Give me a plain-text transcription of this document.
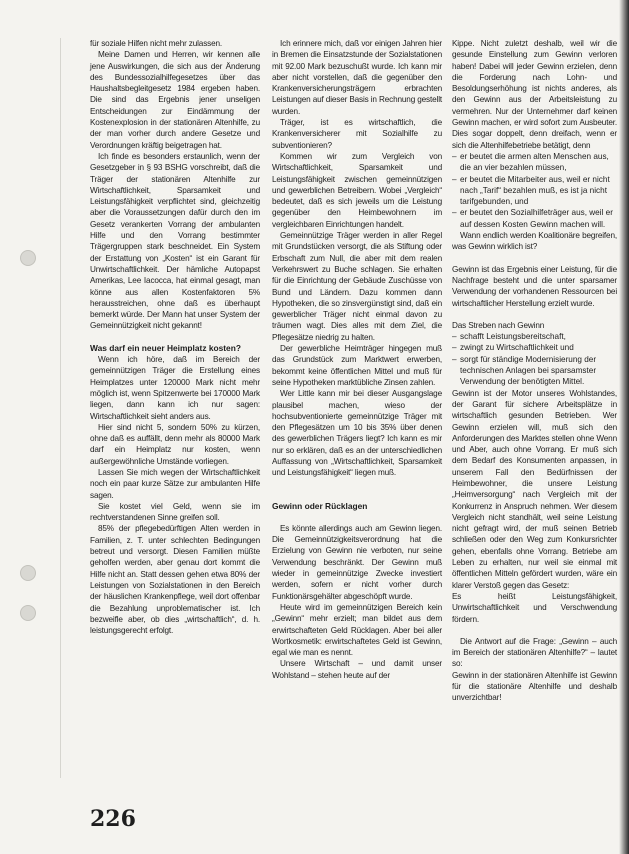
für soziale Hilfen nicht mehr zulassen.

Meine Damen und Herren, wir kennen alle jene Auswirkungen, die sich aus der Änderung des Bundessozialhilfegesetzes über das Haushaltsbegleitgesetz 1984 ergeben haben. Die sind das Ergebnis jener unseligen Entscheidungen zur Eindämmung der Kostenexplosion in der stationären Altenhilfe, zu der man vorher durch andere Gesetze und Verordnungen kräftig beigetragen hat.

Ich finde es besonders erstaunlich, wenn der Gesetzgeber in § 93 BSHG vorschreibt, daß die Träger der stationären Altenhilfe zur Wirtschaftlichkeit, Sparsamkeit und Leistungsfähigkeit verpflichtet sind, gleichzeitig aber die Voraussetzungen dafür durch den im Gesetz verankerten Vorrang der ambulanten Hilfe und den Vorrang bestimmter Trägergruppen stark beschneidet. Ein System der Erstattung von „Kosten“ ist ein Garant für Unwirtschaftlichkeit. Der hämliche Autopapst Amerikas, Lee Iacocca, hat einmal gesagt, man könne aus allen Kostenfaktoren 5% herausstreichen, ohne daß es überhaupt bemerkt würde. Der Mann hat unser System der Gemeinnützigkeit nicht gekannt!

Was darf ein neuer Heimplatz kosten?

Wenn ich höre, daß im Bereich der gemeinnützigen Träger die Erstellung eines Heimplatzes unter 120000 Mark nicht mehr möglich ist, wenn Spitzenwerte bei 170000 Mark liegen, dann kann ich nur sagen: Wirtschaftlichkeit sieht anders aus.

Hier sind nicht 5, sondern 50% zu kürzen, ohne daß es auffällt, denn mehr als 80000 Mark darf ein Heimplatz nur kosten, wenn außergewöhnliche Umstände vorliegen.

Lassen Sie mich wegen der Wirtschaftlichkeit noch ein paar kurze Sätze zur ambulanten Hilfe sagen.

Sie kostet viel Geld, wenn sie im rechtverstandenen Sinne greifen soll.

85% der pflegebedürftigen Alten werden in Familien, z. T. unter schlechten Bedingungen betreut und versorgt. Diesen Familien müßte geholfen werden, aber genau dort kommt die Hilfe nicht an. Statt dessen gehen etwa 80% der Leistungen von Sozialstationen in den Bereich der häuslichen Krankenpflege, weil dort offenbar die Bezahlung unproblematischer ist. Ich bezweifle aber, ob dies „wirtschaftlich“, d. h. leistungsgerecht erfolgt.

Ich erinnere mich, daß vor einigen Jahren hier in Bremen die Einsatzstunde der Sozialstationen mit 92.00 Mark bezuschußt wurde. Ich kann mir aber nicht vorstellen, daß die gegenüber den Krankenversicherungsträgern erbrachten Leistungen auf dieser Basis in Rechnung gestellt wurden.

Träger, ist es wirtschaftlich, die Krankenversicherer mit Sozialhilfe zu subventionieren?

Kommen wir zum Vergleich von Wirtschaftlichkeit, Sparsamkeit und Leistungsfähigkeit zwischen gemeinnützigen und gewerblichen Betreibern. Wobei „Vergleich“ bedeutet, daß es sich jeweils um die Leistung gegenüber den Heimbewohnern im vergleichbaren Einrichtungen handelt.

Gemeinnützige Träger werden in aller Regel mit Grundstücken versorgt, die als Stiftung oder Erbschaft zum Null, die aber mit dem realen Verkehrswert zu Buche schlagen. Sie erhalten für die Einrichtung der Gebäude Zuschüsse von Bund und Ländern. Dazu kommen dann Hypotheken, die so zinsvergünstigt sind, daß ein gewerblicher Träger nicht einmal davon zu träumen wagt. Dies alles mit dem Ziel, die Pflegesätze niedrig zu halten.

Der gewerbliche Heimträger hingegen muß das Grundstück zum Marktwert erwerben, bekommt keine öffentlichen Mittel und muß für seine Hypotheken marktübliche Zinsen zahlen.

Wer Little kann mir bei dieser Ausgangslage plausibel machen, wieso der hochsubventionierte gemeinnützige Träger mit den Pflegesätzen um 10 bis 35% über denen des gewerblichen Trägers liegt? Ich kann es mir nur so erklären, daß es an der unterschiedlichen Auffassung von „Wirtschaftlichkeit, Sparsamkeit und Leistungsfähigkeit“ liegen muß.

Gewinn oder Rücklagen

Es könnte allerdings auch am Gewinn liegen. Die Gemeinnützigkeitsverordnung hat die Erzielung von Gewinn nie verboten, nur seine Verwendung beschränkt. Der Gewinn muß wieder in gemeinnützige Zwecke investiert werden, sofern er nicht vorher durch Funktionärsgehälter abgeschöpft wurde.

Heute wird im gemeinnützigen Bereich kein „Gewinn“ mehr erzielt; man bildet aus dem erwirtschafteten Geld Rücklagen. Aber bei aller Wortkosmetik: erwirtschaftetes Geld ist Gewinn, egal wie man es nennt.

Unsere Wirtschaft – und damit unser Wohlstand – stehen heute auf der

Kippe. Nicht zuletzt deshalb, weil wir die gesunde Einstellung zum Gewinn verloren haben! Dabei will jeder Gewinn erzielen, denn die Forderung nach Lohn- und Besoldungserhöhung ist nichts anderes, als den Gewinn aus der Arbeitsleistung zu vermehren. Nur der Unternehmer darf keinen Gewinn machen, er wird sofort zum Ausbeuter. Dies sogar doppelt, denn dreifach, wenn er sich die Altenhilfebetriebe betätigt, denn

– er beutet die armen alten Menschen aus, die an vier bezahlen müssen,
– er beutet die Mitarbeiter aus, weil er nicht nach „Tarif“ bezahlen muß, es ist ja nicht tarifgebunden, und
– er beutet den Sozialhilfeträger aus, weil er auf dessen Kosten Gewinn machen will.

Wann endlich werden Koalitionäre begreifen, was Gewinn wirklich ist?

Gewinn ist das Ergebnis einer Leistung, für die Nachfrage besteht und die unter sparsamer Verwendung der vorhandenen Ressourcen bei wirtschaftlicher Herstellung erzielt wurde.

Das Streben nach Gewinn

– schafft Leistungsbereitschaft,
– zwingt zu Wirtschaftlichkeit und
– sorgt für ständige Modernisierung der technischen Anlagen bei sparsamster Verwendung der benötigten Mittel.

Gewinn ist der Motor unseres Wohlstandes, der Garant für sichere Arbeitsplätze in wirtschaftlich gesunden Betrieben. Wer Gewinn erzielen will, muß sich den Anforderungen des Marktes stellen ohne Wenn und Aber, auch ohne Vorrang. Er muß sich dem Bedarf des Konsumenten anpassen, in unserem Fall den Bedürfnissen der Heimbewohner, die unsere Leistung „Heimversorgung“ nach Vergleich mit der Konkurrenz in Anspruch nehmen. Wer diesem Vergleich nicht standhält, weil seine Leistung nicht gefragt wird, der muß seinen Betrieb schließen oder den Weg zum Konkursrichter gehen, ebenfalls ohne Vorrang. Betriebe am Leben zu erhalten, nur weil sie einmal mit öffentlichen Mitteln gefördert wurden, wäre ein klarer Verstoß gegen das Gesetz:

Es heißt Leistungsfähigkeit, Unwirtschaftlichkeit und Verschwendung fördern.

Die Antwort auf die Frage: „Gewinn – auch im Bereich der stationären Altenhilfe?“ – lautet so:

Gewinn in der stationären Altenhilfe ist Gewinn für die stationäre Altenhilfe und deshalb unverzichtbar!

226
